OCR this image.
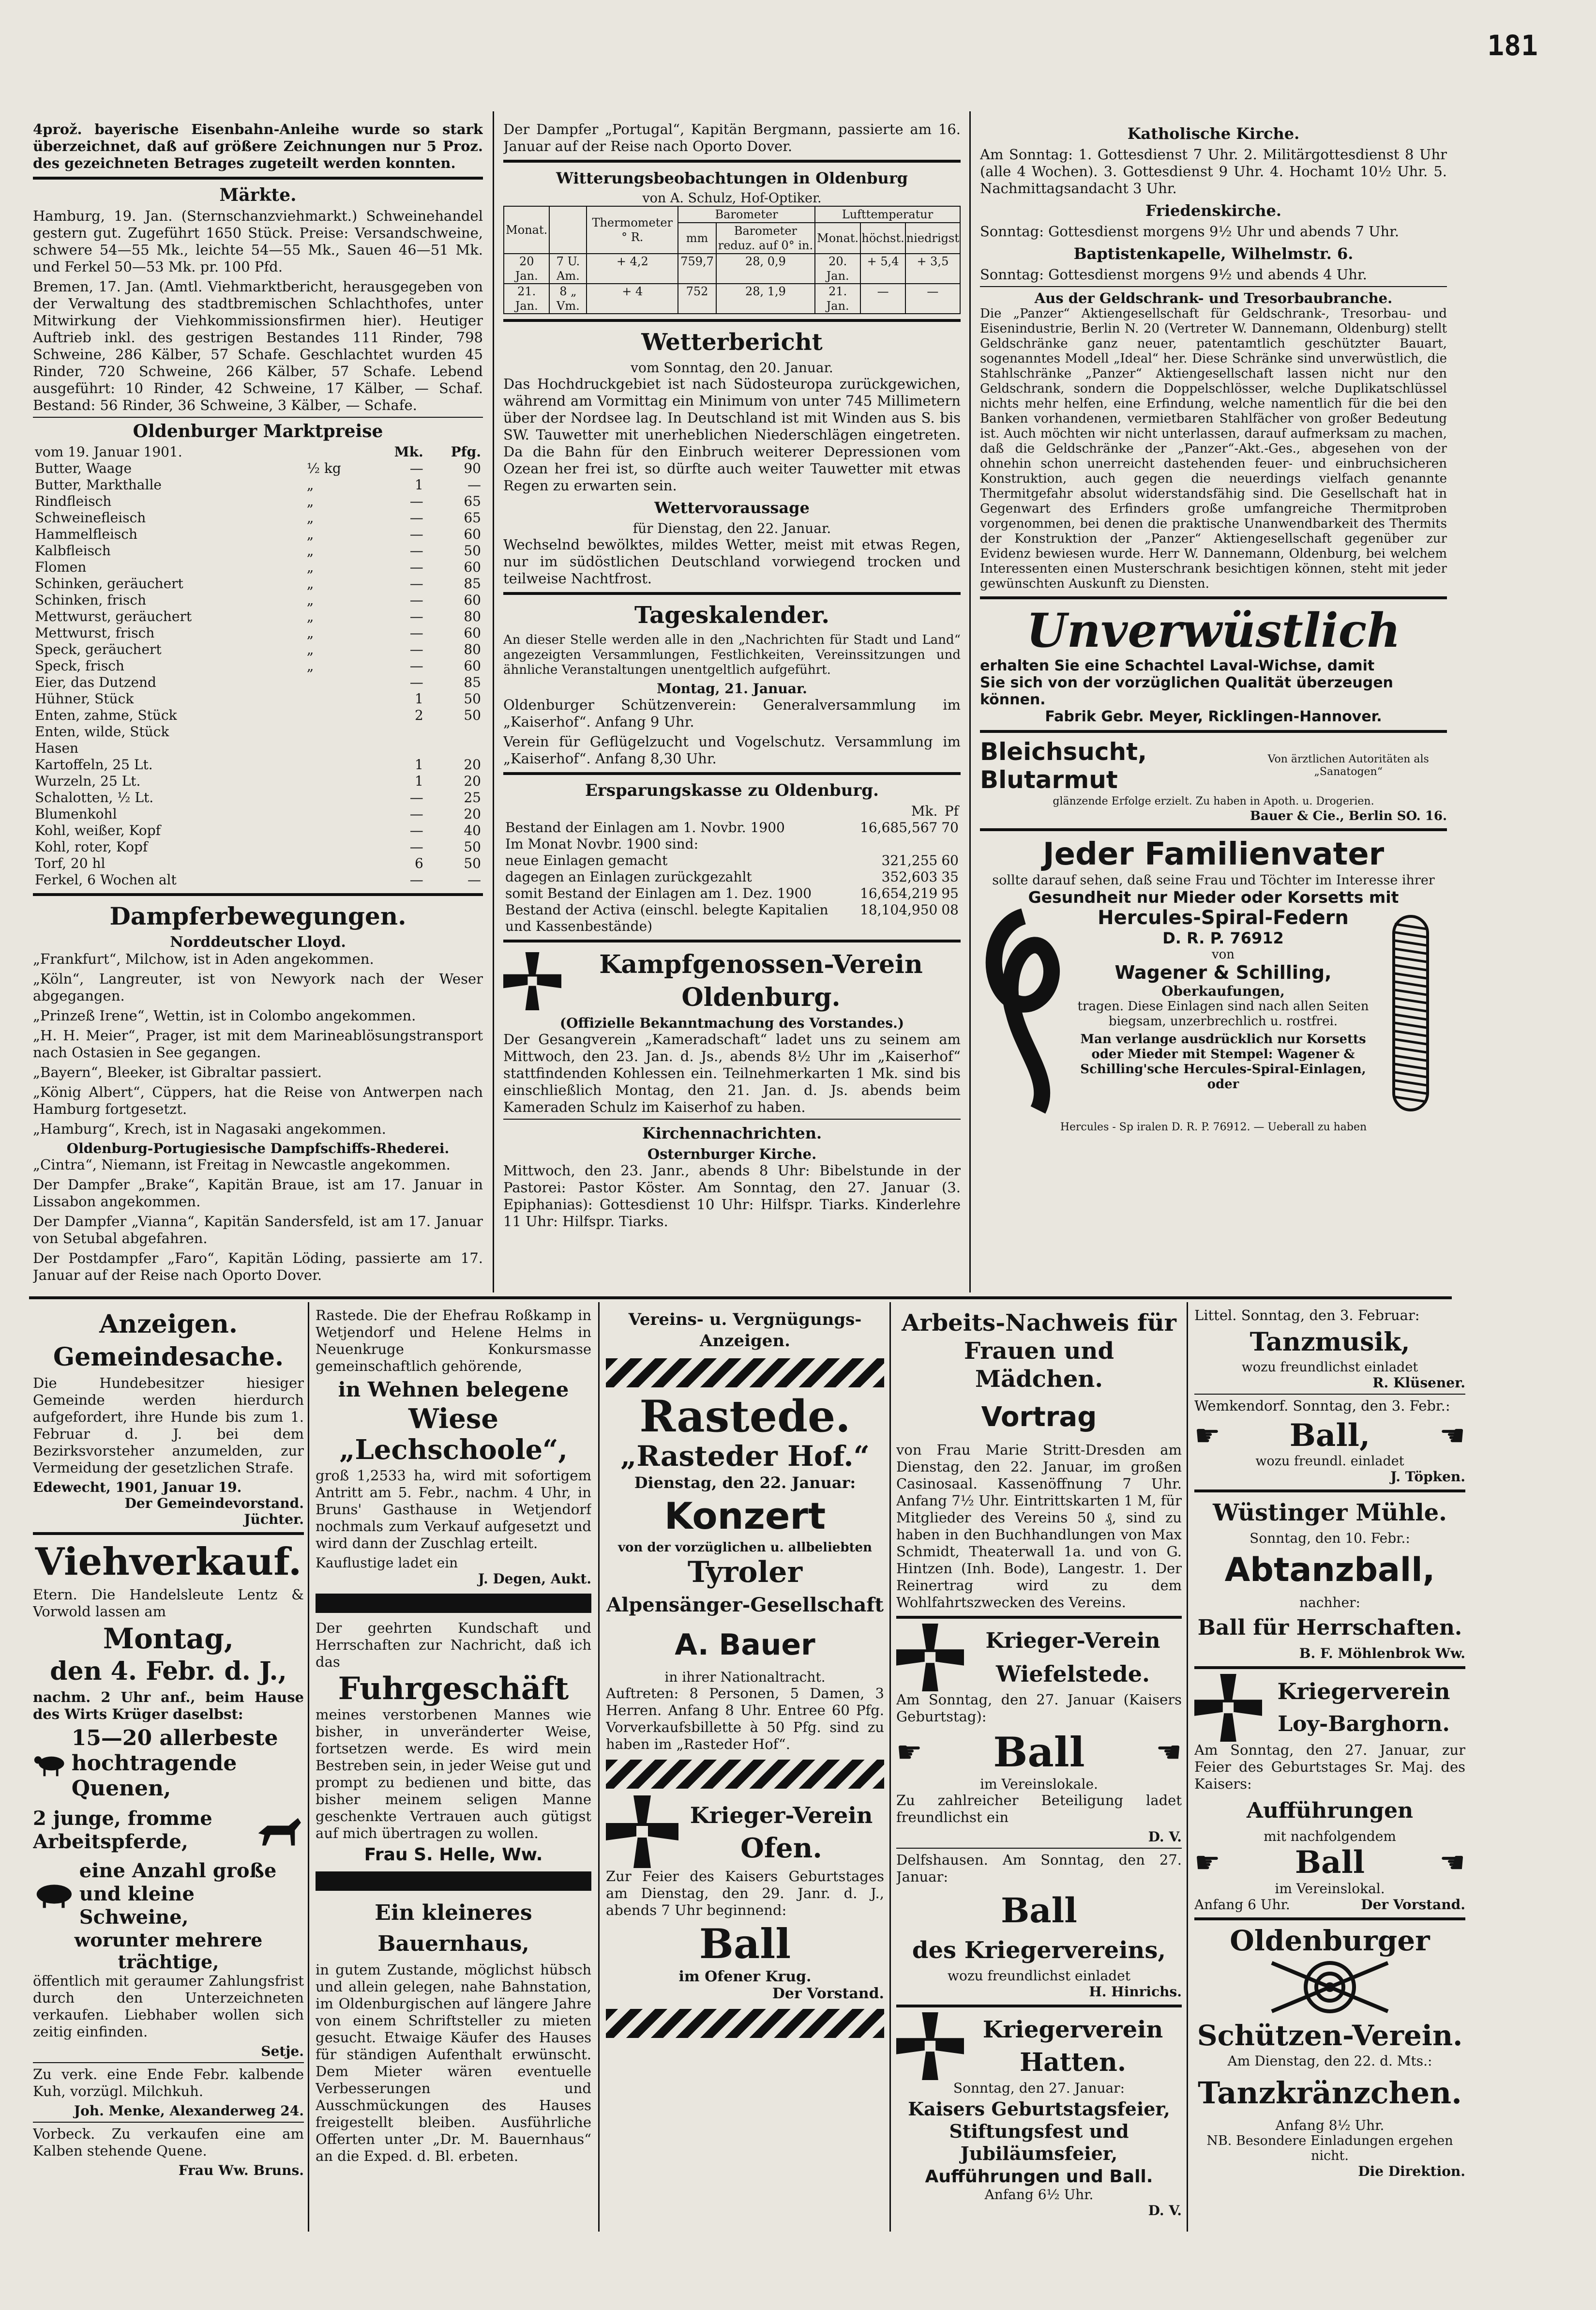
181

4prož. bayerische Eisenbahn-Anleihe wurde so stark überzeichnet, daß auf größere Zeichnungen nur 5 Proz. des gezeichneten Betrages zugeteilt werden konnten.

Märkte.

Hamburg, 19. Jan. (Sternschanzviehmarkt.) Schweinehandel gestern gut. Zugeführt 1650 Stück. Preise: Versandschweine, schwere 54—55 Mk., leichte 54—55 Mk., Sauen 46—51 Mk. und Ferkel 50—53 Mk. pr. 100 Pfd.

Bremen, 17. Jan. (Amtl. Viehmarktbericht, herausgegeben von der Verwaltung des stadtbremischen Schlachthofes, unter Mitwirkung der Viehkommissionsfirmen hier). Heutiger Auftrieb inkl. des gestrigen Bestandes 111 Rinder, 798 Schweine, 286 Kälber, 57 Schafe. Geschlachtet wurden 45 Rinder, 720 Schweine, 266 Kälber, 57 Schafe. Lebend ausgeführt: 10 Rinder, 42 Schweine, 17 Kälber, — Schaf. Bestand: 56 Rinder, 36 Schweine, 3 Kälber, — Schafe.

Oldenburger Marktpreise
vom 19. Januar 1901.		Mk.	Pfg.
Butter, Waage	½ kg	—	90
Butter, Markthalle	„	1	—
Rindfleisch	„	—	65
Schweinefleisch	„	—	65
Hammelfleisch	„	—	60
Kalbfleisch	„	—	50
Flomen	„	—	60
Schinken, geräuchert	„	—	85
Schinken, frisch	„	—	60
Mettwurst, geräuchert	„	—	80
Mettwurst, frisch	„	—	60
Speck, geräuchert	„	—	80
Speck, frisch	„	—	60
Eier, das Dutzend		—	85
Hühner, Stück		1	50
Enten, zahme, Stück		2	50
Enten, wilde, Stück			
Hasen			
Kartoffeln, 25 Lt.		1	20
Wurzeln, 25 Lt.		1	20
Schalotten, ½ Lt.		—	25
Blumenkohl		—	20
Kohl, weißer, Kopf		—	40
Kohl, roter, Kopf		—	50
Torf, 20 hl		6	50
Ferkel, 6 Wochen alt		—	—
Dampferbewegungen.
Norddeutscher Lloyd.

„Frankfurt“, Milchow, ist in Aden angekommen.

„Köln“, Langreuter, ist von Newyork nach der Weser abgegangen.

„Prinzeß Irene“, Wettin, ist in Colombo angekommen.

„H. H. Meier“, Prager, ist mit dem Marineablösungstransport nach Ostasien in See gegangen.

„Bayern“, Bleeker, ist Gibraltar passiert.

„König Albert“, Cüppers, hat die Reise von Antwerpen nach Hamburg fortgesetzt.

„Hamburg“, Krech, ist in Nagasaki angekommen.

Oldenburg-Portugiesische Dampfschiffs-Rhederei.

„Cintra“, Niemann, ist Freitag in Newcastle angekommen.

Der Dampfer „Brake“, Kapitän Braue, ist am 17. Januar in Lissabon angekommen.

Der Dampfer „Vianna“, Kapitän Sandersfeld, ist am 17. Januar von Setubal abgefahren.

Der Postdampfer „Faro“, Kapitän Löding, passierte am 17. Januar auf der Reise nach Oporto Dover.

Der Dampfer „Portugal“, Kapitän Bergmann, passierte am 16. Januar auf der Reise nach Oporto Dover.

Witterungsbeobachtungen in Oldenburg
von A. Schulz, Hof-Optiker.
Monat.		Thermometer ° R.	Barometer		Lufttemperatur		
			mm	Barometer reduz. auf 0° in.	Monat.	höchst.	niedrigst
20 Jan.	7 U. Am.	+ 4,2	759,7	28, 0,9	20. Jan.	+ 5,4	+ 3,5
21. Jan.	8 „ Vm.	+ 4	752	28, 1,9	21. Jan.	—	—
Wetterbericht
vom Sonntag, den 20. Januar.

Das Hochdruckgebiet ist nach Südosteuropa zurückgewichen, während am Vormittag ein Minimum von unter 745 Millimetern über der Nordsee lag. In Deutschland ist mit Winden aus S. bis SW. Tauwetter mit unerheblichen Niederschlägen eingetreten. Da die Bahn für den Einbruch weiterer Depressionen vom Ozean her frei ist, so dürfte auch weiter Tauwetter mit etwas Regen zu erwarten sein.

Wettervoraussage
für Dienstag, den 22. Januar.

Wechselnd bewölktes, mildes Wetter, meist mit etwas Regen, nur im südöstlichen Deutschland vorwiegend trocken und teilweise Nachtfrost.

Tageskalender.

An dieser Stelle werden alle in den „Nachrichten für Stadt und Land“ angezeigten Versammlungen, Festlichkeiten, Vereinssitzungen und ähnliche Veranstaltungen unentgeltlich aufgeführt.

Montag, 21. Januar.

Oldenburger Schützenverein: Generalversammlung im „Kaiserhof“. Anfang 9 Uhr.

Verein für Geflügelzucht und Vogelschutz. Versammlung im „Kaiserhof“. Anfang 8,30 Uhr.

Ersparungskasse zu Oldenburg.
	Mk.	Pf
Bestand der Einlagen am 1. Novbr. 1900	16,685,567	70
Im Monat Novbr. 1900 sind:		
neue Einlagen gemacht	321,255	60
dagegen an Einlagen zurückgezahlt	352,603	35
somit Bestand der Einlagen am 1. Dez. 1900	16,654,219	95
Bestand der Activa (einschl. belegte Kapitalien und Kassenbestände)	18,104,950	08
Kampfgenossen-Verein
Oldenburg.
(Offizielle Bekanntmachung des Vorstandes.)

Der Gesangverein „Kameradschaft“ ladet uns zu seinem am Mittwoch, den 23. Jan. d. Js., abends 8½ Uhr im „Kaiserhof“ stattfindenden Kohlessen ein. Teilnehmerkarten 1 Mk. sind bis einschließlich Montag, den 21. Jan. d. Js. abends beim Kameraden Schulz im Kaiserhof zu haben.

Kirchennachrichten.
Osternburger Kirche.

Mittwoch, den 23. Janr., abends 8 Uhr: Bibelstunde in der Pastorei: Pastor Köster. Am Sonntag, den 27. Januar (3. Epiphanias): Gottesdienst 10 Uhr: Hilfspr. Tiarks. Kinderlehre 11 Uhr: Hilfspr. Tiarks.

Katholische Kirche.

Am Sonntag: 1. Gottesdienst 7 Uhr. 2. Militärgottesdienst 8 Uhr (alle 4 Wochen). 3. Gottesdienst 9 Uhr. 4. Hochamt 10½ Uhr. 5. Nachmittagsandacht 3 Uhr.

Friedenskirche.

Sonntag: Gottesdienst morgens 9½ Uhr und abends 7 Uhr.

Baptistenkapelle, Wilhelmstr. 6.

Sonntag: Gottesdienst morgens 9½ und abends 4 Uhr.

Aus der Geldschrank- und Tresorbaubranche.

Die „Panzer“ Aktiengesellschaft für Geldschrank-, Tresorbau- und Eisenindustrie, Berlin N. 20 (Vertreter W. Dannemann, Oldenburg) stellt Geldschränke ganz neuer, patentamtlich geschützter Bauart, sogenanntes Modell „Ideal“ her. Diese Schränke sind unverwüstlich, die Stahlschränke „Panzer“ Aktiengesellschaft lassen nicht nur den Geldschrank, sondern die Doppelschlösser, welche Duplikatschlüssel nichts mehr helfen, eine Erfindung, welche namentlich für die bei den Banken vorhandenen, vermietbaren Stahlfächer von großer Bedeutung ist. Auch möchten wir nicht unterlassen, darauf aufmerksam zu machen, daß die Geldschränke der „Panzer“-Akt.-Ges., abgesehen von der ohnehin schon unerreicht dastehenden feuer- und einbruchsicheren Konstruktion, auch gegen die neuerdings vielfach genannte Thermitgefahr absolut widerstandsfähig sind. Die Gesellschaft hat in Gegenwart des Erfinders große umfangreiche Thermitproben vorgenommen, bei denen die praktische Unanwendbarkeit des Thermits der Konstruktion der „Panzer“ Aktiengesellschaft gegenüber zur Evidenz bewiesen wurde. Herr W. Dannemann, Oldenburg, bei welchem Interessenten einen Musterschrank besichtigen können, steht mit jeder gewünschten Auskunft zu Diensten.

Unverwüstlich
erhalten Sie eine Schachtel Laval-Wichse, damit
Sie sich von der vorzüglichen Qualität überzeugen können.
Fabrik Gebr. Meyer, Ricklingen-Hannover.
Bleichsucht, Blutarmut
Von ärztlichen Autoritäten als „Sanatogen“
glänzende Erfolge erzielt. Zu haben in Apoth. u. Drogerien.
Bauer & Cie., Berlin SO. 16.
Jeder Familienvater
sollte darauf sehen, daß seine Frau und Töchter im Interesse ihrer
Gesundheit nur Mieder oder Korsetts mit
Hercules-Spiral-Federn
D. R. P. 76912
von
Wagener & Schilling,
Oberkaufungen,

tragen. Diese Einlagen sind nach allen Seiten biegsam, unzerbrechlich u. rostfrei.

Man verlange ausdrücklich nur Korsetts oder Mieder mit Stempel: Wagener & Schilling'sche Hercules-Spiral-Einlagen, oder

Hercules - Sp iralen D. R. P. 76912. — Ueberall zu haben
Anzeigen.
Gemeindesache.

Die Hundebesitzer hiesiger Gemeinde werden hierdurch aufgefordert, ihre Hunde bis zum 1. Februar d. J. bei dem Bezirksvorsteher anzumelden, zur Vermeidung der gesetzlichen Strafe.

Edewecht, 1901, Januar 19.
Der Gemeindevorstand.
Jüchter.
Viehverkauf.

Etern. Die Handelsleute Lentz & Vorwold lassen am

Montag,
den 4. Febr. d. J.,

nachm. 2 Uhr anf., beim Hause des Wirts Krüger daselbst:

15—20 allerbeste hochtragende Quenen,
2 junge, fromme Arbeitspferde,
eine Anzahl große und kleine Schweine,
worunter mehrere trächtige,

öffentlich mit geraumer Zahlungsfrist durch den Unterzeichneten verkaufen. Liebhaber wollen sich zeitig einfinden.

Setje.

Zu verk. eine Ende Febr. kalbende Kuh, vorzügl. Milchkuh.

Joh. Menke, Alexanderweg 24.

Vorbeck. Zu verkaufen eine am Kalben stehende Quene.

Frau Ww. Bruns.

Rastede. Die der Ehefrau Roßkamp in Wetjendorf und Helene Helms in Neuenkruge Konkursmasse gemeinschaftlich gehörende,

in Wehnen belegene
Wiese „Lechschoole“,

groß 1,2533 ha, wird mit sofortigem Antritt am 5. Febr., nachm. 4 Uhr, in Bruns' Gasthause in Wetjendorf nochmals zum Verkauf aufgesetzt und wird dann der Zuschlag erteilt.

Kauflustige ladet ein
J. Degen, Aukt.

Der geehrten Kundschaft und Herrschaften zur Nachricht, daß ich das

Fuhrgeschäft

meines verstorbenen Mannes wie bisher, in unveränderter Weise, fortsetzen werde. Es wird mein Bestreben sein, in jeder Weise gut und prompt zu bedienen und bitte, das bisher meinem seligen Manne geschenkte Vertrauen auch gütigst auf mich übertragen zu wollen.

Frau S. Helle, Ww.
Ein kleineres Bauernhaus,

in gutem Zustande, möglichst hübsch und allein gelegen, nahe Bahnstation, im Oldenburgischen auf längere Jahre von einem Schriftsteller zu mieten gesucht. Etwaige Käufer des Hauses für ständigen Aufenthalt erwünscht. Dem Mieter wären eventuelle Verbesserungen und Ausschmückungen des Hauses freigestellt bleiben. Ausführliche Offerten unter „Dr. M. Bauernhaus“ an die Exped. d. Bl. erbeten.

Vereins- u. Vergnügungs-Anzeigen.
Rastede.
„Rasteder Hof.“
Dienstag, den 22. Januar:
Konzert
von der vorzüglichen u. allbeliebten
Tyroler
Alpensänger-Gesellschaft
A. Bauer
in ihrer Nationaltracht.

Auftreten: 8 Personen, 5 Damen, 3 Herren. Anfang 8 Uhr. Entree 60 Pfg. Vorverkaufsbillette à 50 Pfg. sind zu haben im „Rasteder Hof“.

Krieger-Verein
Ofen.

Zur Feier des Kaisers Geburtstages am Dienstag, den 29. Janr. d. J., abends 7 Uhr beginnend:

Ball
im Ofener Krug.
Der Vorstand.
Arbeits-Nachweis für Frauen und Mädchen.
Vortrag

von Frau Marie Stritt-Dresden am Dienstag, den 22. Januar, im großen Casinosaal. Kassenöffnung 7 Uhr. Anfang 7½ Uhr. Eintrittskarten 1 M, für Mitglieder des Vereins 50 ₰, sind zu haben in den Buchhandlungen von Max Schmidt, Theaterwall 1a. und von G. Hintzen (Inh. Bode), Langestr. 1. Der Reinertrag wird zu dem Wohlfahrtszwecken des Vereins.

Krieger-Verein
Wiefelstede.

Am Sonntag, den 27. Januar (Kaisers Geburtstag):

☛ Ball ☚
im Vereinslokale.

Zu zahlreicher Beteiligung ladet freundlichst ein

D. V.

Delfshausen. Am Sonntag, den 27. Januar:

Ball
des Kriegervereins,
wozu freundlichst einladet
H. Hinrichs.
Kriegerverein
Hatten.
Sonntag, den 27. Januar:
Kaisers Geburtstagsfeier, Stiftungsfest und Jubiläumsfeier,
Aufführungen und Ball.
Anfang 6½ Uhr.
D. V.

Littel. Sonntag, den 3. Februar:

Tanzmusik,
wozu freundlichst einladet
R. Klüsener.

Wemkendorf. Sonntag, den 3. Febr.:

☛ Ball, ☚
wozu freundl. einladet
J. Töpken.
Wüstinger Mühle.
Sonntag, den 10. Febr.:
Abtanzball,
nachher:
Ball für Herrschaften.
B. F. Möhlenbrok Ww.
Kriegerverein
Loy-Barghorn.

Am Sonntag, den 27. Januar, zur Feier des Geburtstages Sr. Maj. des Kaisers:

Aufführungen
mit nachfolgendem
☛ Ball	☚
im Vereinslokal.
Anfang 6 Uhr.	Der Vorstand.
Oldenburger
Schützen-Verein.
Am Dienstag, den 22. d. Mts.:
Tanzkränzchen.
Anfang 8½ Uhr.
NB. Besondere Einladungen ergehen nicht.
Die Direktion.
